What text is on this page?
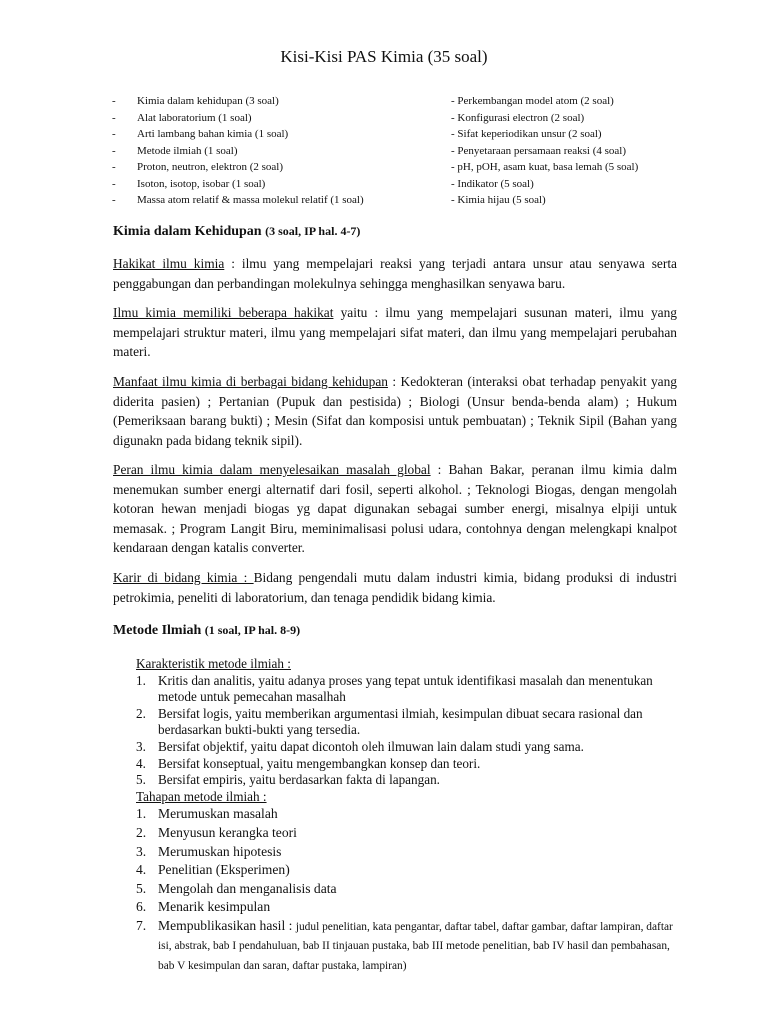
Kisi-Kisi PAS Kimia (35 soal)
- Kimia dalam kehidupan (3 soal)
- Alat laboratorium (1 soal)
- Arti lambang bahan kimia (1 soal)
- Metode ilmiah (1 soal)
- Proton, neutron, elektron (2 soal)
- Isoton, isotop, isobar (1 soal)
- Massa atom relatif & massa molekul relatif (1 soal)
- Perkembangan model atom (2 soal)
- Konfigurasi electron (2 soal)
- Sifat keperiodikan unsur (2 soal)
- Penyetaraan persamaan reaksi (4 soal)
- pH, pOH, asam kuat, basa lemah (5 soal)
- Indikator (5 soal)
- Kimia hijau (5 soal)
Kimia dalam Kehidupan (3 soal, IP hal. 4-7)

Hakikat ilmu kimia : ilmu yang mempelajari reaksi yang terjadi antara unsur atau senyawa serta penggabungan dan perbandingan molekulnya sehingga menghasilkan senyawa baru.

Ilmu kimia memiliki beberapa hakikat yaitu : ilmu yang mempelajari susunan materi, ilmu yang mempelajari struktur materi, ilmu yang mempelajari sifat materi, dan ilmu yang mempelajari perubahan materi.

Manfaat ilmu kimia di berbagai bidang kehidupan : Kedokteran (interaksi obat terhadap penyakit yang diderita pasien) ; Pertanian (Pupuk dan pestisida) ; Biologi (Unsur benda-benda alam) ; Hukum (Pemeriksaan barang bukti) ; Mesin (Sifat dan komposisi untuk pembuatan) ; Teknik Sipil (Bahan yang digunakn pada bidang teknik sipil).

Peran ilmu kimia dalam menyelesaikan masalah global : Bahan Bakar, peranan ilmu kimia dalm menemukan sumber energi alternatif dari fosil, seperti alkohol. ; Teknologi Biogas, dengan mengolah kotoran hewan menjadi biogas yg dapat digunakan sebagai sumber energi, misalnya elpiji untuk memasak. ; Program Langit Biru, meminimalisasi polusi udara, contohnya dengan melengkapi knalpot kendaraan dengan katalis converter.

Karir di bidang kimia : Bidang pengendali mutu dalam industri kimia, bidang produksi di industri petrokimia, peneliti di laboratorium, dan tenaga pendidik bidang kimia.

Metode Ilmiah (1 soal, IP hal. 8-9)
Karakteristik metode ilmiah :
1. Kritis dan analitis, yaitu adanya proses yang tepat untuk identifikasi masalah dan menentukan metode untuk pemecahan masalhah
2. Bersifat logis, yaitu memberikan argumentasi ilmiah, kesimpulan dibuat secara rasional dan berdasarkan bukti-bukti yang tersedia.
3. Bersifat objektif, yaitu dapat dicontoh oleh ilmuwan lain dalam studi yang sama.
4. Bersifat konseptual, yaitu mengembangkan konsep dan teori.
5. Bersifat empiris, yaitu berdasarkan fakta di lapangan.
Tahapan metode ilmiah :
1. Merumuskan masalah
2. Menyusun kerangka teori
3. Merumuskan hipotesis
4. Penelitian (Eksperimen)
5. Mengolah dan menganalisis data
6. Menarik kesimpulan
7. Mempublikasikan hasil : judul penelitian, kata pengantar, daftar tabel, daftar gambar, daftar lampiran, daftar isi, abstrak, bab I pendahuluan, bab II tinjauan pustaka, bab III metode penelitian, bab IV hasil dan pembahasan, bab V kesimpulan dan saran, daftar pustaka, lampiran)
